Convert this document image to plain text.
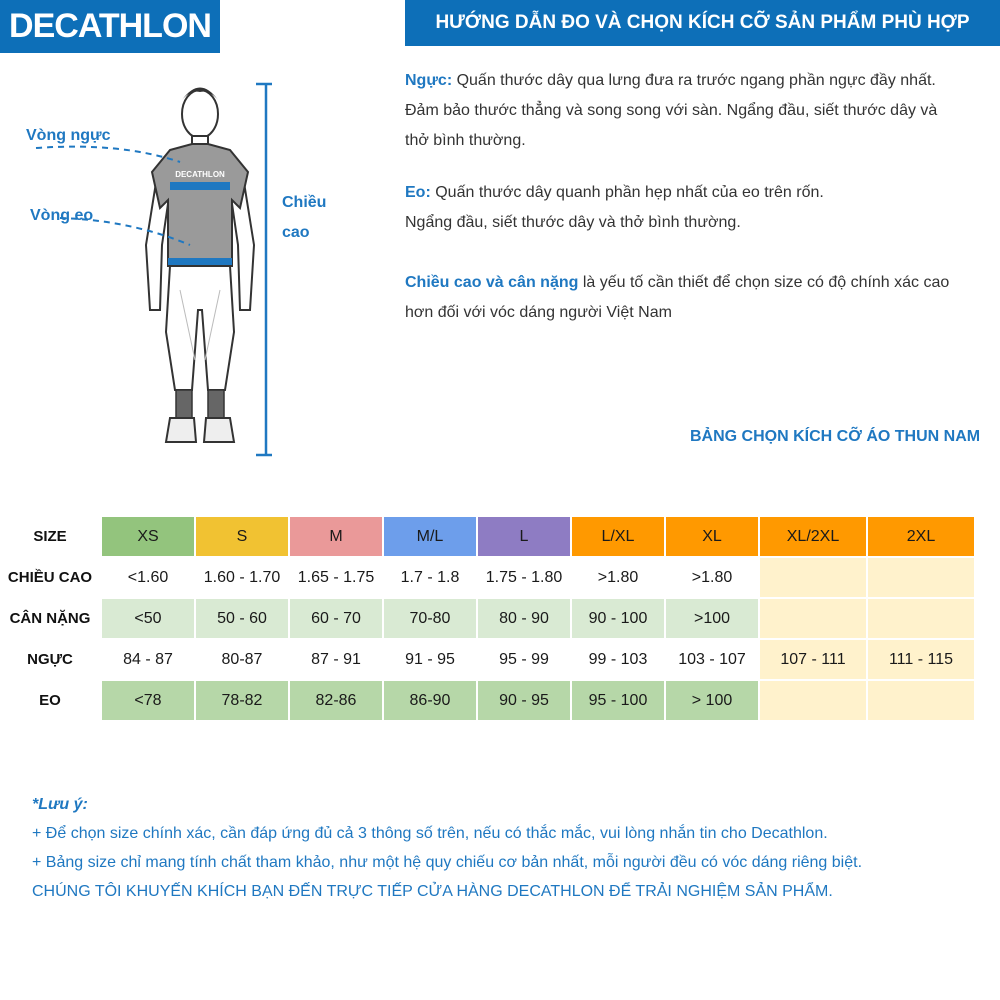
DECATHLON	HƯỚNG DẪN ĐO VÀ CHỌN KÍCH CỠ SẢN PHẨM PHÙ HỢP
DECATHLON
Vòng ngực
Vòng eo
Chiều
cao
Ngực: Quấn thước dây qua lưng đưa ra trước ngang phần ngực đầy nhất.
Đảm bảo thước thẳng và song song với sàn. Ngẩng đầu, siết thước dây và
thở bình thường.
Eo: Quấn thước dây quanh phần hẹp nhất của eo trên rốn.
Ngẩng đầu, siết thước dây và thở bình thường.
Chiều cao và cân nặng là yếu tố cần thiết để chọn size có độ chính xác cao
hơn đối với vóc dáng người Việt Nam
BẢNG CHỌN KÍCH CỠ ÁO THUN NAM
SIZE	XS	S	M	M/L	L	L/XL	XL	XL/2XL	2XL
CHIỀU CAO	<1.60	1.60 - 1.70	1.65 - 1.75	1.7 - 1.8	1.75 - 1.80	>1.80	>1.80		
CÂN NẶNG	<50	50 - 60	60 - 70	70-80	80 - 90	90 - 100	>100		
NGỰC	84 - 87	80-87	87 - 91	91 - 95	95 - 99	99 - 103	103 - 107	107 - 111	111 - 115
EO	<78	78-82	82-86	86-90	90 - 95	95 - 100	> 100		
*Lưu ý:
+ Để chọn size chính xác, cần đáp ứng đủ cả 3 thông số trên, nếu có thắc mắc, vui lòng nhắn tin cho Decathlon.
+ Bảng size chỉ mang tính chất tham khảo, như một hệ quy chiếu cơ bản nhất, mỗi người đều có vóc dáng riêng biệt.
CHÚNG TÔI KHUYẾN KHÍCH BẠN ĐẾN TRỰC TIẾP CỬA HÀNG DECATHLON ĐỂ TRẢI NGHIỆM SẢN PHẨM.
